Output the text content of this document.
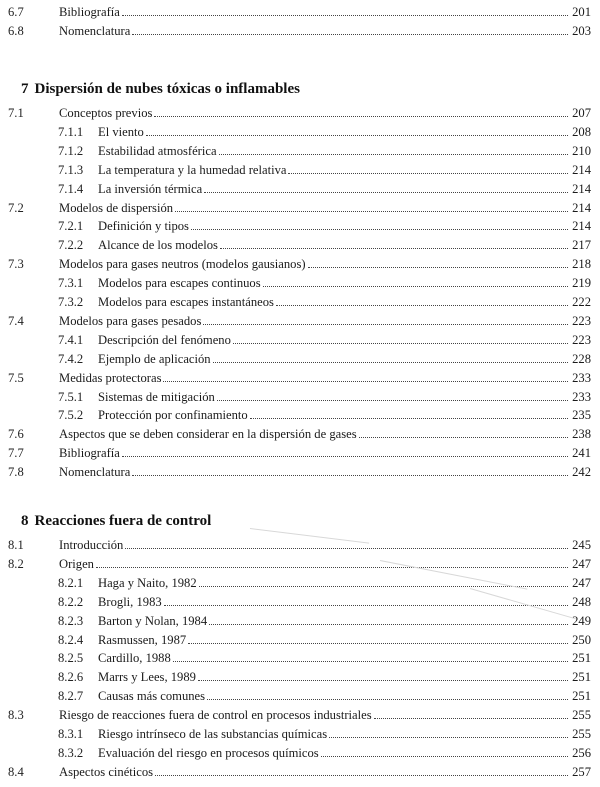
6.7	Bibliografía	201
6.8	Nomenclatura	203
7 Dispersión de nubes tóxicas o inflamables
7.1	Conceptos previos	207
7.1.1 El viento	208
7.1.2 Estabilidad atmosférica	210
7.1.3 La temperatura y la humedad relativa	214
7.1.4 La inversión térmica	214
7.2	Modelos de dispersión	214
7.2.1 Definición y tipos	214
7.2.2 Alcance de los modelos	217
7.3	Modelos para gases neutros (modelos gausianos)	218
7.3.1 Modelos para escapes continuos	219
7.3.2 Modelos para escapes instantáneos	222
7.4	Modelos para gases pesados	223
7.4.1 Descripción del fenómeno	223
7.4.2 Ejemplo de aplicación	228
7.5	Medidas protectoras	233
7.5.1 Sistemas de mitigación	233
7.5.2 Protección por confinamiento	235
7.6	Aspectos que se deben considerar en la dispersión de gases	238
7.7	Bibliografía	241
7.8	Nomenclatura	242
8 Reacciones fuera de control
8.1	Introducción	245
8.2	Origen	247
8.2.1 Haga y Naito, 1982	247
8.2.2 Brogli, 1983	248
8.2.3 Barton y Nolan, 1984	249
8.2.4 Rasmussen, 1987	250
8.2.5 Cardillo, 1988	251
8.2.6 Marrs y Lees, 1989	251
8.2.7 Causas más comunes	251
8.3	Riesgo de reacciones fuera de control en procesos industriales	255
8.3.1 Riesgo intrínseco de las substancias químicas	255
8.3.2 Evaluación del riesgo en procesos químicos	256
8.4	Aspectos cinéticos	257
